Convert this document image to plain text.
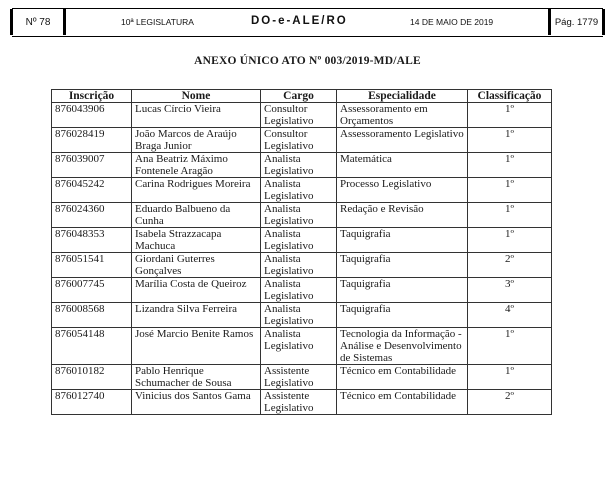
Nº 78	10ª LEGISLATURA	DO-e-ALE/RO	14 DE MAIO DE 2019	Pág. 1779
ANEXO ÚNICO ATO Nº 003/2019-MD/ALE
Inscrição	Nome	Cargo	Especialidade	Classificação
876043906	Lucas Círcio Vieira	Consultor Legislativo	Assessoramento em Orçamentos	1º
876028419	João Marcos de Araújo Braga Junior	Consultor Legislativo	Assessoramento Legislativo	1º
876039007	Ana Beatriz Máximo Fontenele Aragão	Analista Legislativo	Matemática	1º
876045242	Carina Rodrigues Moreira	Analista Legislativo	Processo Legislativo	1º
876024360	Eduardo Balbueno da Cunha	Analista Legislativo	Redação e Revisão	1º
876048353	Isabela Strazzacapa Machuca	Analista Legislativo	Taquigrafia	1º
876051541	Giordani Guterres Gonçalves	Analista Legislativo	Taquigrafia	2º
876007745	Marília Costa de Queiroz	Analista Legislativo	Taquigrafia	3º
876008568	Lizandra Silva Ferreira	Analista Legislativo	Taquigrafia	4º
876054148	José Marcio Benite Ramos	Analista Legislativo	Tecnologia da Informação - Análise e Desenvolvimento de Sistemas	1º
876010182	Pablo Henrique Schumacher de Sousa	Assistente Legislativo	Técnico em Contabilidade	1º
876012740	Vinicius dos Santos Gama	Assistente Legislativo	Técnico em Contabilidade	2º
